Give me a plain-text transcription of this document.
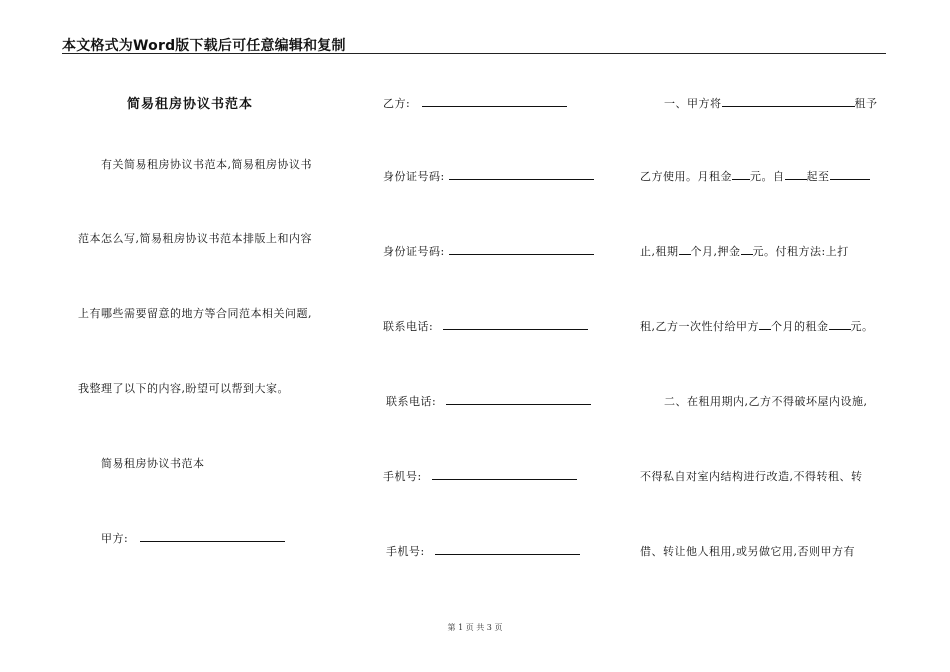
本文格式为Word版下载后可任意编辑和复制
简易租房协议书范本
有关简易租房协议书范本,简易租房协议书
范本怎么写,简易租房协议书范本排版上和内容
上有哪些需要留意的地方等合同范本相关问题,
我整理了以下的内容,盼望可以帮到大家。
简易租房协议书范本
甲方:
乙方:
身份证号码:
身份证号码:
联系电话:
联系电话:
手机号:
手机号:
一、甲方将	租予
乙方使用。月租金 元。自 起至
止,租期 个月,押金 元。付租方法:上打
租,乙方一次性付给甲方 个月的租金 元。
二、在租用期内,乙方不得破坏屋内设施,
不得私自对室内结构进行改造,不得转租、转
借、转让他人租用,或另做它用,否则甲方有
第 1 页 共 3 页
